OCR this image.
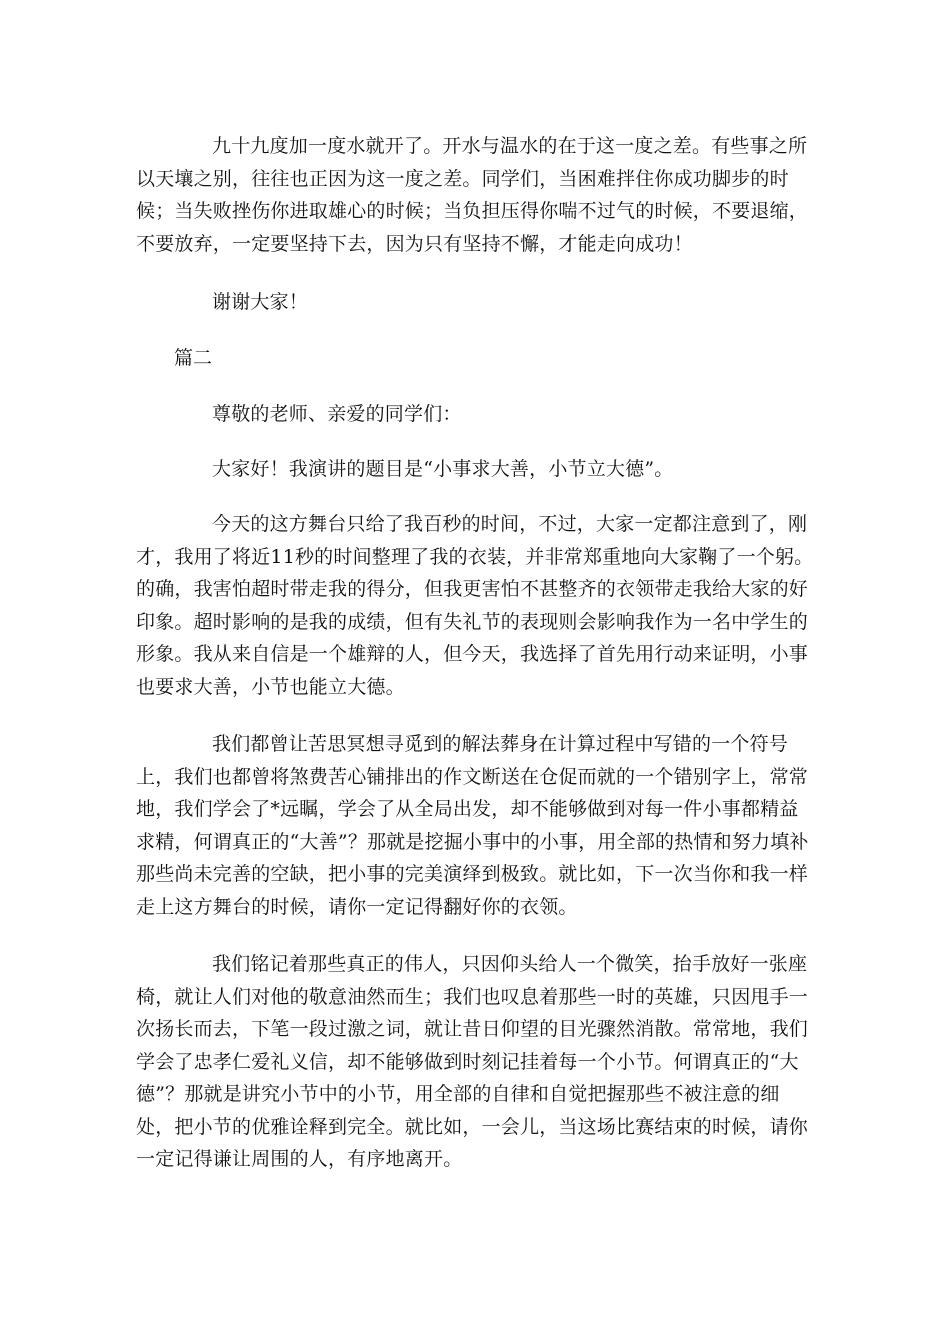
九十九度加一度水就开了。开水与温水的在于这一度之差。有些事之所以天壤之别，往往也正因为这一度之差。同学们，当困难拌住你成功脚步的时候；当失败挫伤你进取雄心的时候；当负担压得你喘不过气的时候，不要退缩，不要放弃，一定要坚持下去，因为只有坚持不懈，才能走向成功！

谢谢大家！

篇二

尊敬的老师、亲爱的同学们：

大家好！我演讲的题目是“小事求大善，小节立大德”。

今天的这方舞台只给了我百秒的时间，不过，大家一定都注意到了，刚才，我用了将近11秒的时间整理了我的衣装，并非常郑重地向大家鞠了一个躬。的确，我害怕超时带走我的得分，但我更害怕不甚整齐的衣领带走我给大家的好印象。超时影响的是我的成绩，但有失礼节的表现则会影响我作为一名中学生的形象。我从来自信是一个雄辩的人，但今天，我选择了首先用行动来证明，小事也要求大善，小节也能立大德。

我们都曾让苦思冥想寻觅到的解法葬身在计算过程中写错的一个符号上，我们也都曾将煞费苦心铺排出的作文断送在仓促而就的一个错别字上，常常地，我们学会了*远瞩，学会了从全局出发，却不能够做到对每一件小事都精益求精，何谓真正的“大善”？那就是挖掘小事中的小事，用全部的热情和努力填补那些尚未完善的空缺，把小事的完美演绎到极致。就比如，下一次当你和我一样走上这方舞台的时候，请你一定记得翻好你的衣领。

我们铭记着那些真正的伟人，只因仰头给人一个微笑，抬手放好一张座椅，就让人们对他的敬意油然而生；我们也叹息着那些一时的英雄，只因甩手一次扬长而去，下笔一段过激之词，就让昔日仰望的目光骤然消散。常常地，我们学会了忠孝仁爱礼义信，却不能够做到时刻记挂着每一个小节。何谓真正的“大德”？那就是讲究小节中的小节，用全部的自律和自觉把握那些不被注意的细处，把小节的优雅诠释到完全。就比如，一会儿，当这场比赛结束的时候，请你一定记得谦让周围的人，有序地离开。
